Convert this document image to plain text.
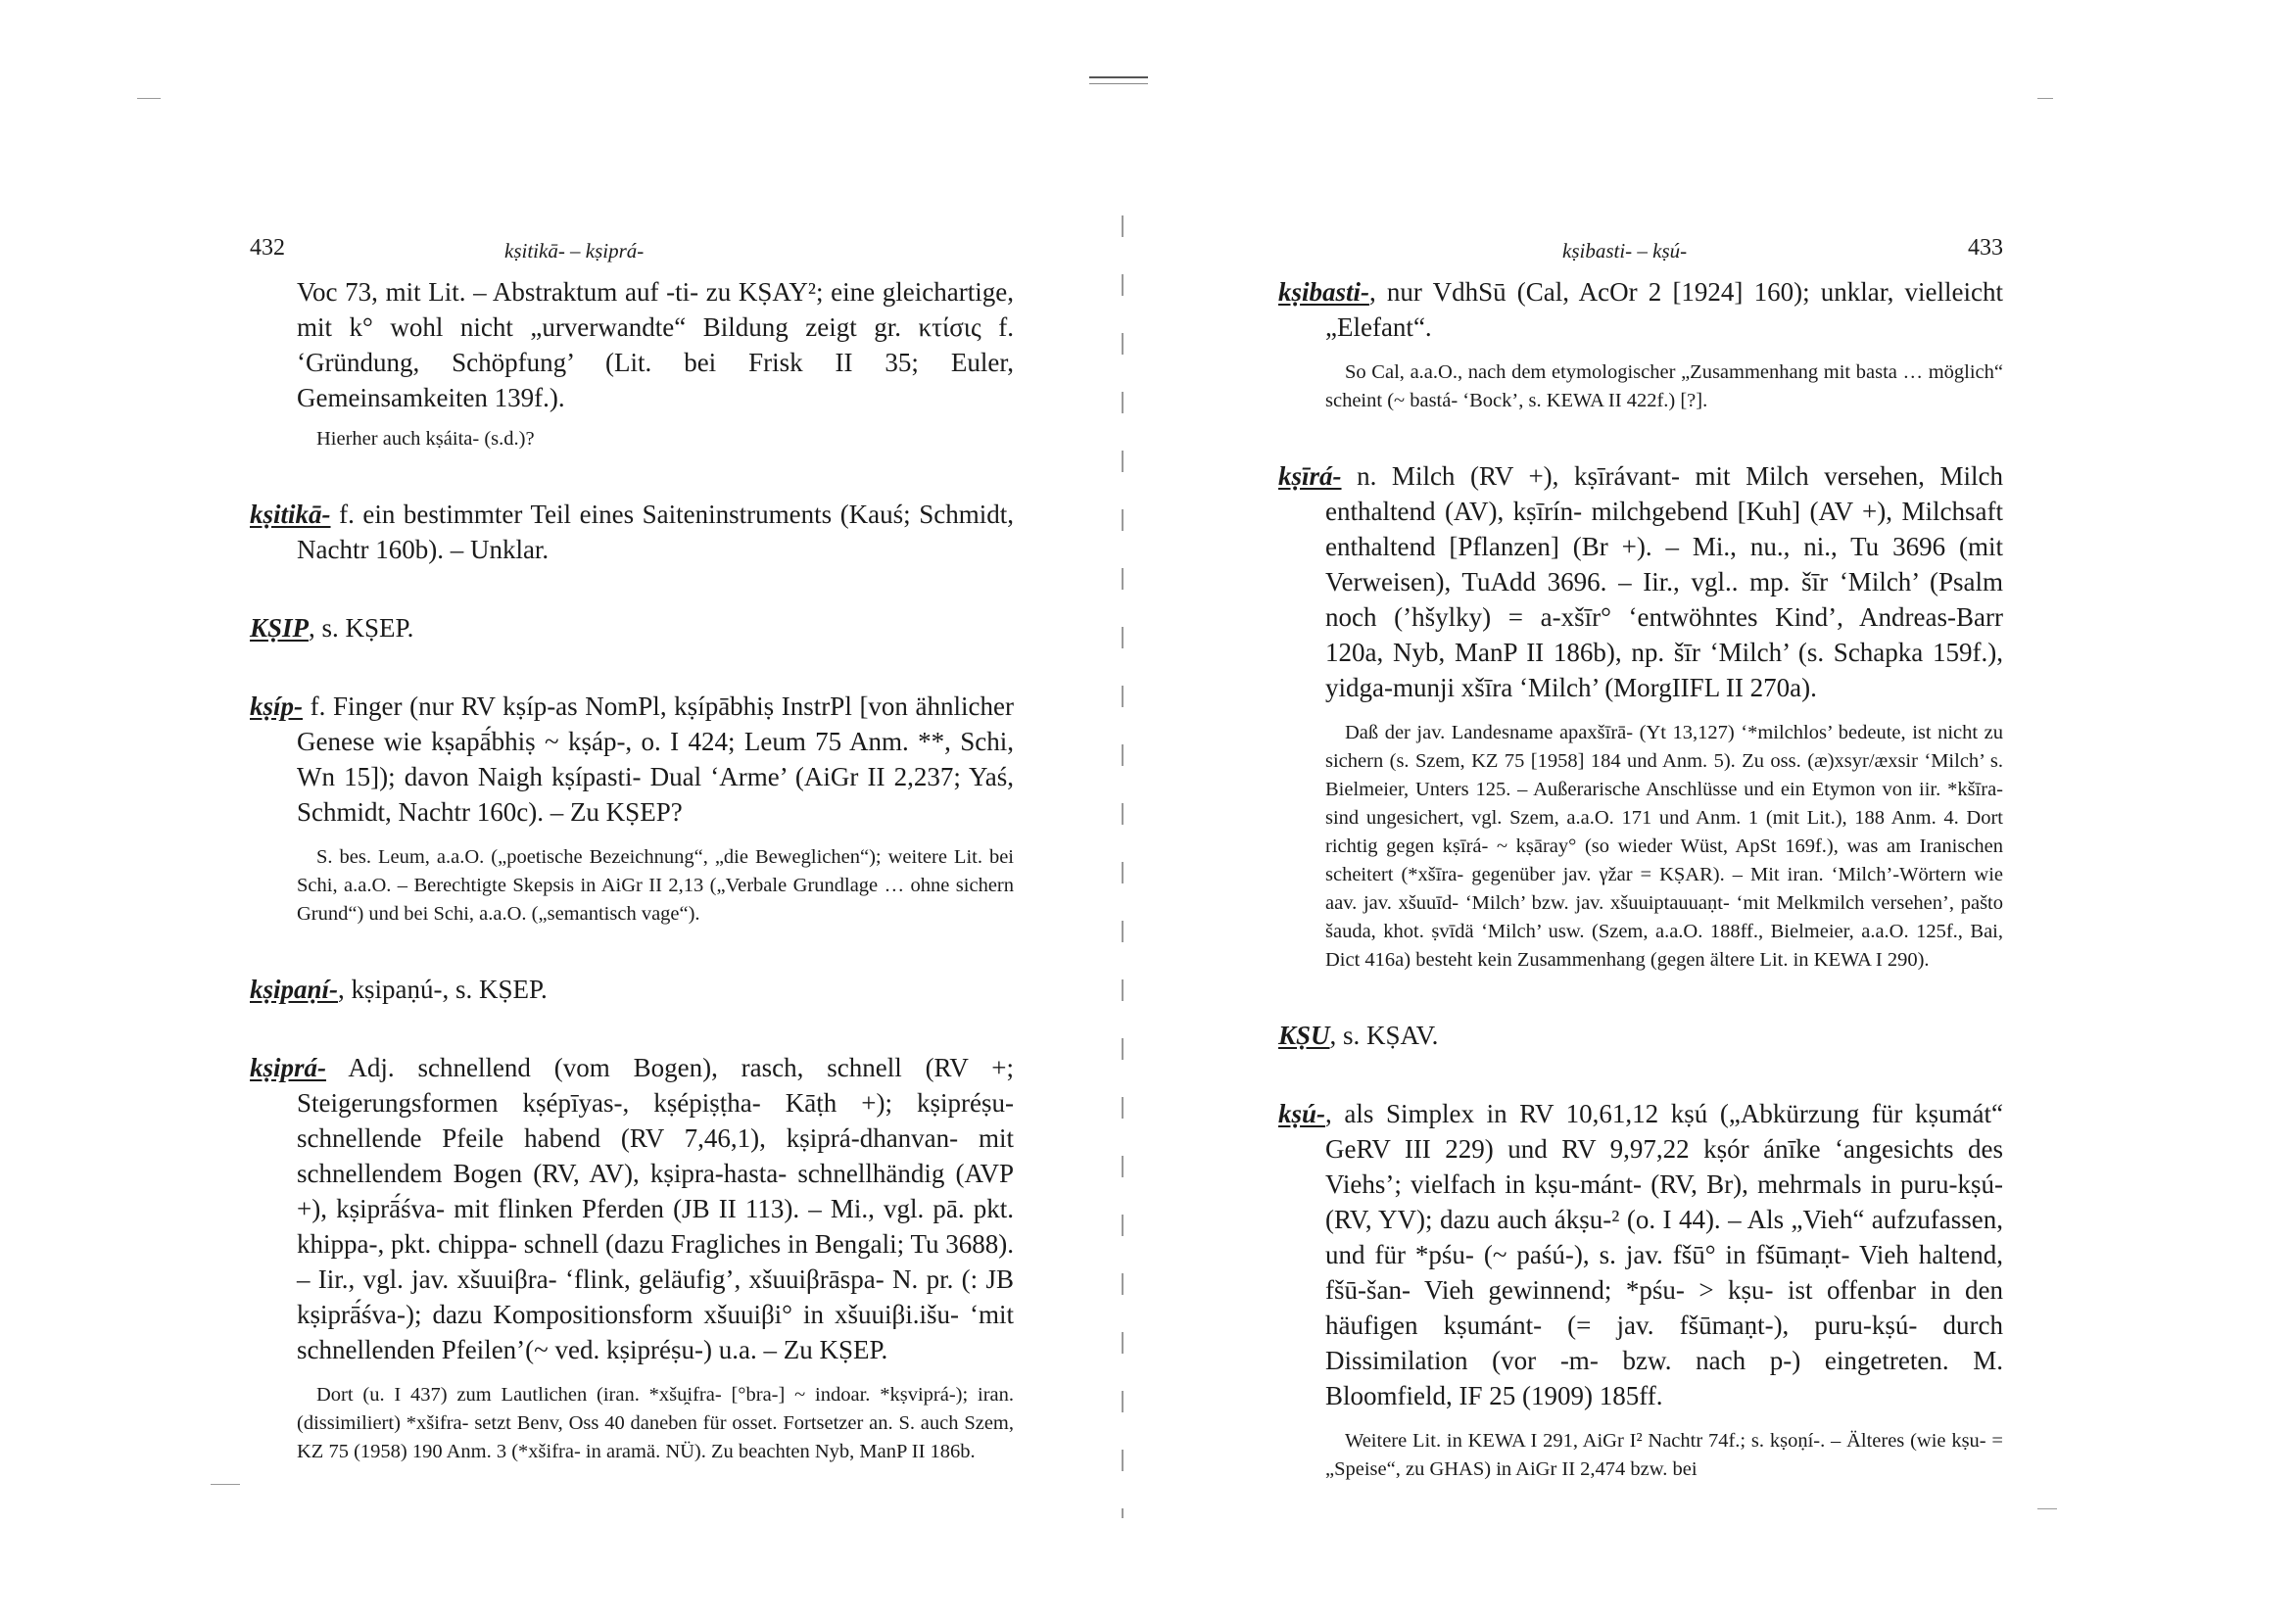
432	kṣitikā- – kṣiprá-

Voc 73, mit Lit. – Abstraktum auf -ti- zu KṢAY²; eine gleichartige, mit k° wohl nicht „urverwandte“ Bildung zeigt gr. κτίσις f. ‘Gründung, Schöpfung’ (Lit. bei Frisk II 35; Euler, Gemeinsamkeiten 139f.).

Hierher auch kṣáita- (s.d.)?

kṣitikā- f. ein bestimmter Teil eines Saiteninstruments (Kauś; Schmidt, Nachtr 160b). – Unklar.

KṢIP, s. KṢEP.

kṣíp- f. Finger (nur RV kṣíp-as NomPl, kṣípābhiṣ InstrPl [von ähnlicher Genese wie kṣapā́bhiṣ ~ kṣáp-, o. I 424; Leum 75 Anm. **, Schi, Wn 15]); davon Naigh kṣípasti- Dual ‘Arme’ (AiGr II 2,237; Yaś, Schmidt, Nachtr 160c). – Zu KṢEP?

S. bes. Leum, a.a.O. („poetische Bezeichnung“, „die Beweglichen“); weitere Lit. bei Schi, a.a.O. – Berechtigte Skepsis in AiGr II 2,13 („Verbale Grundlage … ohne sichern Grund“) und bei Schi, a.a.O. („semantisch vage“).

kṣipaṇí-, kṣipaṇú-, s. KṢEP.

kṣiprá- Adj. schnellend (vom Bogen), rasch, schnell (RV +; Steigerungsformen kṣépīyas-, kṣépiṣṭha- Kāṭh +); kṣipréṣu- schnellende Pfeile habend (RV 7,46,1), kṣiprá-dhanvan- mit schnellendem Bogen (RV, AV), kṣipra-hasta- schnellhändig (AVP +), kṣiprā́śva- mit flinken Pferden (JB II 113). – Mi., vgl. pā. pkt. khippa-, pkt. chippa- schnell (dazu Fragliches in Bengali; Tu 3688). – Iir., vgl. jav. xšuuiβra- ‘flink, geläufig’, xšuuiβrāspa- N. pr. (: JB kṣiprā́śva-); dazu Kompositionsform xšuuiβi° in xšuuiβi.išu- ‘mit schnellenden Pfeilen’(~ ved. kṣipréṣu-) u.a. – Zu KṢEP.

Dort (u. I 437) zum Lautlichen (iran. *xšu̯ifra- [°bra-] ~ indoar. *kṣviprá-); iran. (dissimiliert) *xšifra- setzt Benv, Oss 40 daneben für osset. Fortsetzer an. S. auch Szem, KZ 75 (1958) 190 Anm. 3 (*xšifra- in aramä. NÜ). Zu beachten Nyb, ManP II 186b.

kṣibasti- – kṣú-	433

kṣibasti-, nur VdhSū (Cal, AcOr 2 [1924] 160); unklar, vielleicht „Elefant“.

So Cal, a.a.O., nach dem etymologischer „Zusammenhang mit basta … möglich“ scheint (~ bastá- ‘Bock’, s. KEWA II 422f.) [?].

kṣīrá- n. Milch (RV +), kṣīrávant- mit Milch versehen, Milch enthaltend (AV), kṣīrín- milchgebend [Kuh] (AV +), Milchsaft enthaltend [Pflanzen] (Br +). – Mi., nu., ni., Tu 3696 (mit Verweisen), TuAdd 3696. – Iir., vgl.. mp. šīr ‘Milch’ (Psalm noch (’hšylky) = a-xšīr° ‘entwöhntes Kind’, Andreas-Barr 120a, Nyb, ManP II 186b), np. šīr ‘Milch’ (s. Schapka 159f.), yidga-munji xšīra ‘Milch’ (MorgIIFL II 270a).

Daß der jav. Landesname apaxšīrā- (Yt 13,127) ‘*milchlos’ bedeute, ist nicht zu sichern (s. Szem, KZ 75 [1958] 184 und Anm. 5). Zu oss. (æ)xsyr/æxsir ‘Milch’ s. Bielmeier, Unters 125. – Außerarische Anschlüsse und ein Etymon von iir. *kšīra- sind ungesichert, vgl. Szem, a.a.O. 171 und Anm. 1 (mit Lit.), 188 Anm. 4. Dort richtig gegen kṣīrá- ~ kṣāray° (so wieder Wüst, ApSt 169f.), was am Iranischen scheitert (*xšīra- gegenüber jav. γžar = KṢAR). – Mit iran. ‘Milch’-Wörtern wie aav. jav. xšuuīd- ‘Milch’ bzw. jav. xšuuiptauuaṇt- ‘mit Melkmilch versehen’, pašto šauda, khot. ṣvīdä ‘Milch’ usw. (Szem, a.a.O. 188ff., Bielmeier, a.a.O. 125f., Bai, Dict 416a) besteht kein Zusammenhang (gegen ältere Lit. in KEWA I 290).

KṢU, s. KṢAV.

kṣú-, als Simplex in RV 10,61,12 kṣú („Abkürzung für kṣumát“ GeRV III 229) und RV 9,97,22 kṣór ánīke ‘angesichts des Viehs’; vielfach in kṣu-mánt- (RV, Br), mehrmals in puru-kṣú- (RV, YV); dazu auch ákṣu-² (o. I 44). – Als „Vieh“ aufzufassen, und für *pśu- (~ paśú-), s. jav. fšū° in fšūmaṇt- Vieh haltend, fšū-šan- Vieh gewinnend; *pśu- > kṣu- ist offenbar in den häufigen kṣumánt- (= jav. fšūmaṇt-), puru-kṣú- durch Dissimilation (vor -m- bzw. nach p-) eingetreten. M. Bloomfield, IF 25 (1909) 185ff.

Weitere Lit. in KEWA I 291, AiGr I² Nachtr 74f.; s. kṣoṇí-. – Älteres (wie kṣu- = „Speise“, zu GHAS) in AiGr II 2,474 bzw. bei
